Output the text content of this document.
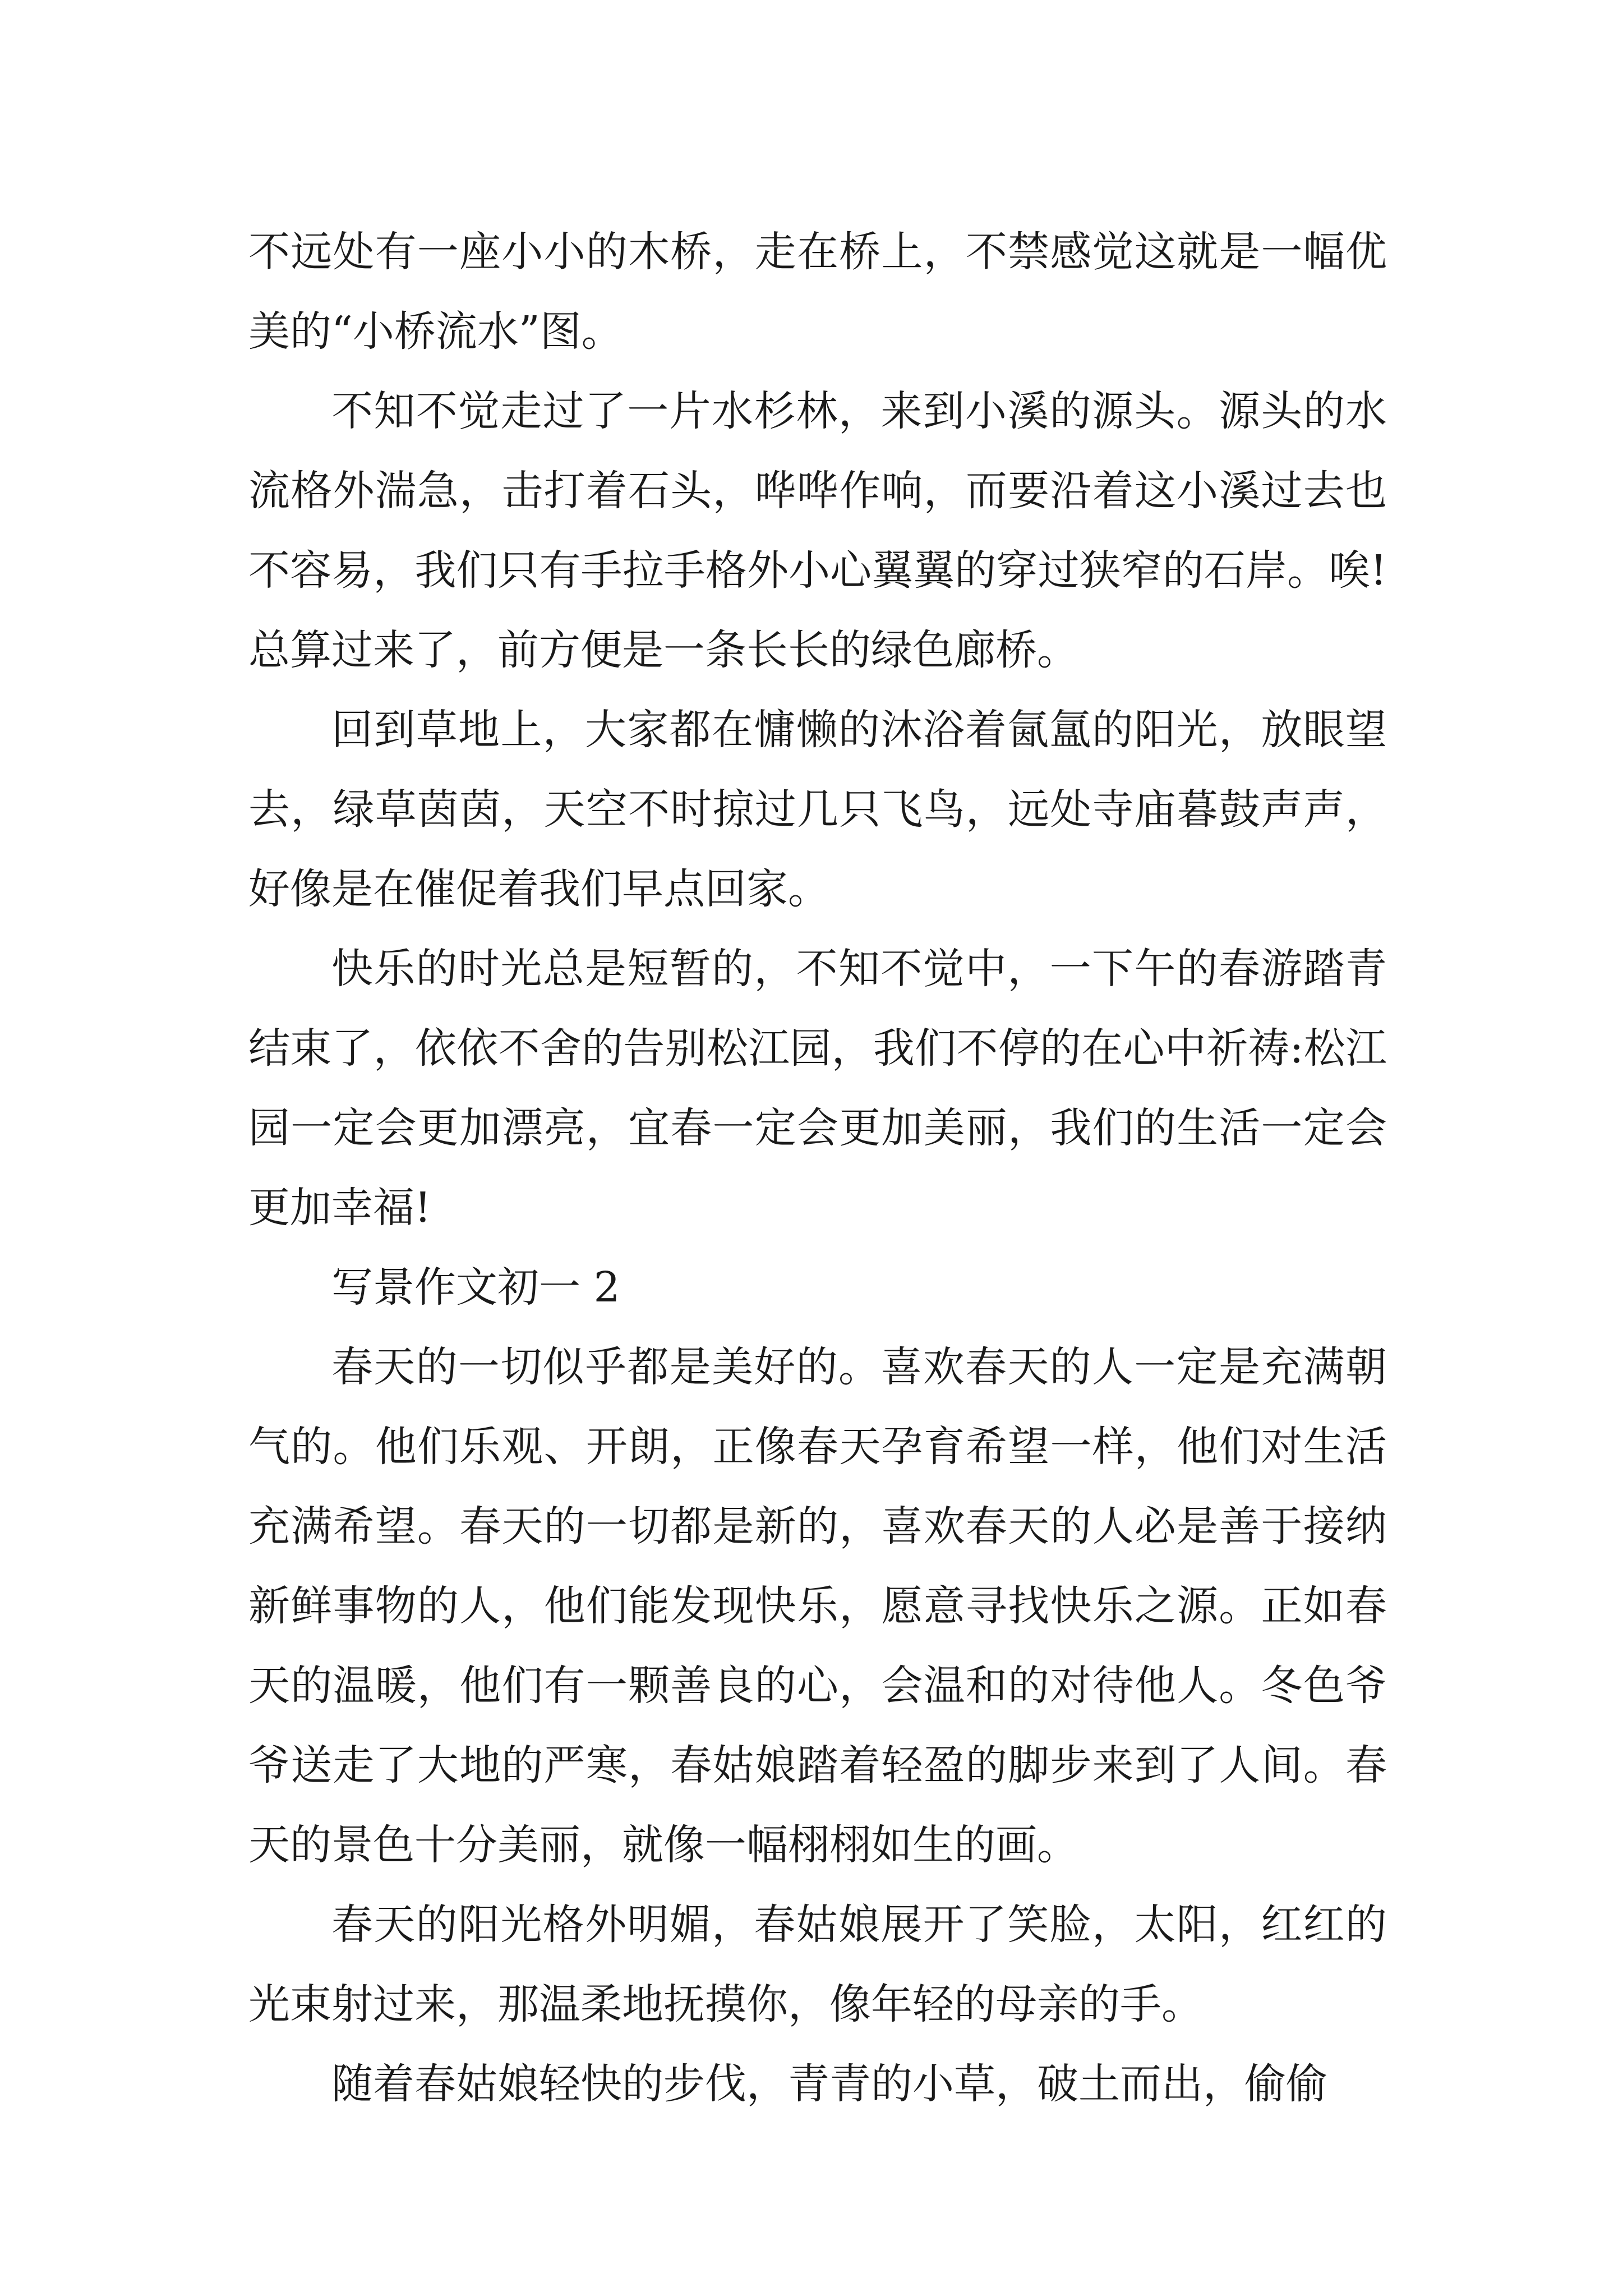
不远处有一座小小的木桥，走在桥上，不禁感觉这就是一幅优美的“小桥流水”图。

不知不觉走过了一片水杉林，来到小溪的源头。源头的水流格外湍急，击打着石头，哗哗作响，而要沿着这小溪过去也不容易，我们只有手拉手格外小心翼翼的穿过狭窄的石岸。唉!总算过来了，前方便是一条长长的绿色廊桥。

回到草地上，大家都在慵懒的沐浴着氤氲的阳光，放眼望去，绿草茵茵，天空不时掠过几只飞鸟，远处寺庙暮鼓声声，好像是在催促着我们早点回家。

快乐的时光总是短暂的，不知不觉中，一下午的春游踏青结束了，依依不舍的告别松江园，我们不停的在心中祈祷:松江园一定会更加漂亮，宜春一定会更加美丽，我们的生活一定会更加幸福!

写景作文初一 2

春天的一切似乎都是美好的。喜欢春天的人一定是充满朝气的。他们乐观、开朗，正像春天孕育希望一样，他们对生活充满希望。春天的一切都是新的，喜欢春天的人必是善于接纳新鲜事物的人，他们能发现快乐，愿意寻找快乐之源。正如春天的温暖，他们有一颗善良的心，会温和的对待他人。冬色爷爷送走了大地的严寒，春姑娘踏着轻盈的脚步来到了人间。春天的景色十分美丽，就像一幅栩栩如生的画。

春天的阳光格外明媚，春姑娘展开了笑脸，太阳，红红的光束射过来，那温柔地抚摸你，像年轻的母亲的手。

随着春姑娘轻快的步伐，青青的小草，破土而出，偷偷
